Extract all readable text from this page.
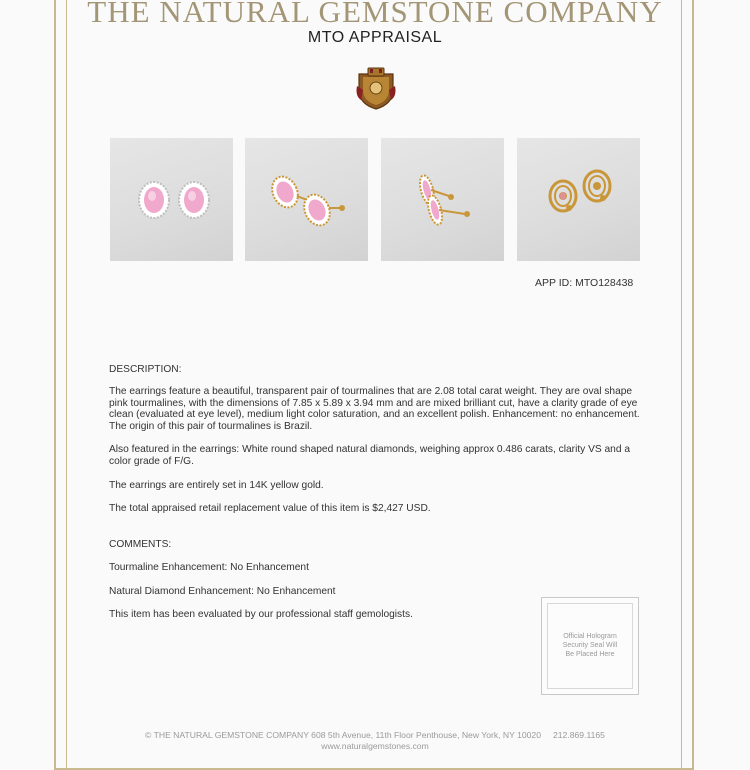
THE NATURAL GEMSTONE COMPANY
MTO APPRAISAL
APP ID: MTO128438
DESCRIPTION:
The earrings feature a beautiful, transparent pair of tourmalines that are 2.08 total carat weight. They are oval shape pink tourmalines, with the dimensions of 7.85 x 5.89 x 3.94 mm and are mixed brilliant cut, have a clarity grade of eye clean (evaluated at eye level), medium light color saturation, and an excellent polish. Enhancement: no enhancement. The origin of this pair of tourmalines is Brazil.
Also featured in the earrings: White round shaped natural diamonds, weighing approx 0.486 carats, clarity VS and a color grade of F/G.
The earrings are entirely set in 14K yellow gold.
The total appraised retail replacement value of this item is $2,427 USD.
COMMENTS:
Tourmaline Enhancement: No Enhancement
Natural Diamond Enhancement: No Enhancement
This item has been evaluated by our professional staff gemologists.
Official Hologram
Security Seal Will
Be Placed Here
© THE NATURAL GEMSTONE COMPANY 608 5th Avenue, 11th Floor Penthouse, New York, NY 10020 212.869.1165
www.naturalgemstones.com
